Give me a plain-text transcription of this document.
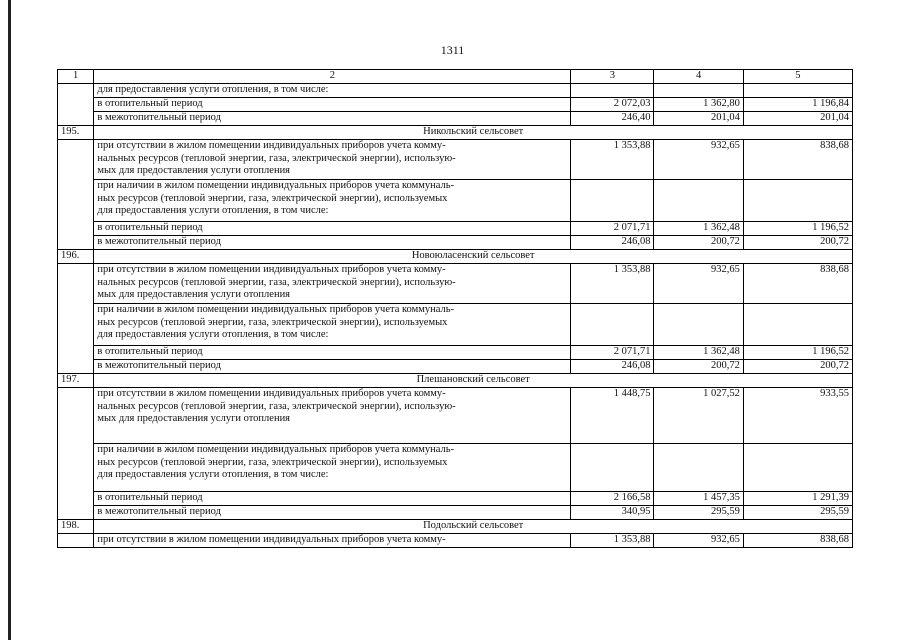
1311
1	2	3	4	5
	для предоставления услуги отопления, в том числе:			
	в отопительный период	2 072,03	1 362,80	1 196,84
	в межотопительный период	246,40	201,04	201,04
195.	Никольский сельсовет			

	при отсутствии в жилом помещении индивидуальных приборов учета комму-
нальных ресурсов (тепловой энергии, газа, электрической энергии), использую-
мых для предоставления услуги отопления	1 353,88	932,65	838,68

	при наличии в жилом помещении индивидуальных приборов учета коммуналь-
ных ресурсов (тепловой энергии, газа, электрической энергии), используемых
для предоставления услуги отопления, в том числе:			

	в отопительный период	2 071,71	1 362,48	1 196,52
	в межотопительный период	246,08	200,72	200,72
196.	Новоюласенский сельсовет			

	при отсутствии в жилом помещении индивидуальных приборов учета комму-
нальных ресурсов (тепловой энергии, газа, электрической энергии), использую-
мых для предоставления услуги отопления	1 353,88	932,65	838,68

	при наличии в жилом помещении индивидуальных приборов учета коммуналь-
ных ресурсов (тепловой энергии, газа, электрической энергии), используемых
для предоставления услуги отопления, в том числе:			

	в отопительный период	2 071,71	1 362,48	1 196,52
	в межотопительный период	246,08	200,72	200,72
197.	Плешановский сельсовет			

	при отсутствии в жилом помещении индивидуальных приборов учета комму-
нальных ресурсов (тепловой энергии, газа, электрической энергии), использую-
мых для предоставления услуги отопления	1 448,75	1 027,52	933,55

	при наличии в жилом помещении индивидуальных приборов учета коммуналь-
ных ресурсов (тепловой энергии, газа, электрической энергии), используемых
для предоставления услуги отопления, в том числе:			

	в отопительный период	2 166,58	1 457,35	1 291,39
	в межотопительный период	340,95	295,59	295,59
198.	Подольский сельсовет			
	при отсутствии в жилом помещении индивидуальных приборов учета комму-	1 353,88	932,65	838,68
